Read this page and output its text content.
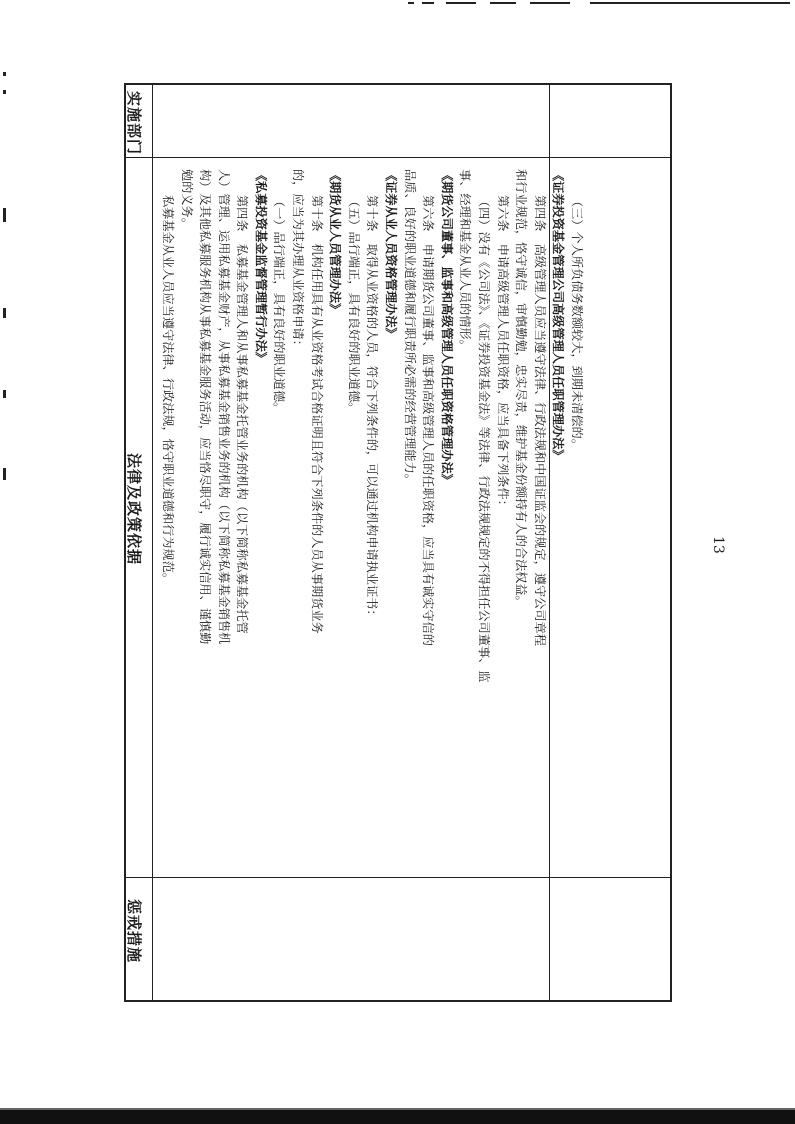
惩戒措施
法律及政策依据
实施部门

（三）个人所负债务数额较大，到期未清偿的。

《证券投资基金管理公司高级管理人员任职管理办法》

第四条　高级管理人员应当遵守法律、行政法规和中国证监会的规定，遵守公司章程

和行业规范，恪守诚信，审慎勤勉，忠实尽责，维护基金份额持有人的合法权益。

第六条　申请高级管理人员任职资格，应当具备下列条件：

（四）没有《公司法》、《证券投资基金法》等法律、行政法规规定的不得担任公司董事、监

事、经理和基金从业人员的情形。

《期货公司董事、监事和高级管理人员任职资格管理办法》

第六条　申请期货公司董事、监事和高级管理人员的任职资格，应当具有诚实守信的

品质、良好的职业道德和履行职责所必需的经营管理能力。

《证券从业人员资格管理办法》

第十条　取得从业资格的人员，符合下列条件的，可以通过机构申请执业证书：

（五）品行端正，具有良好的职业道德。

《期货从业人员管理办法》

第十条　机构任用具有从业资格考试合格证明且符合下列条件的人员从事期货业务

的，应当为其办理从业资格申请：

（一）品行端正，具有良好的职业道德。

《私募投资基金监督管理暂行办法》

第四条　私募基金管理人和从事私募基金托管业务的机构（以下简称私募基金托管

人）管理、运用私募基金财产，从事私募基金销售业务的机构（以下简称私募基金销售机

构）及其他私募服务机构从事私募基金服务活动，应当恪尽职守，履行诚实信用、谨慎勤

勉的义务。

私募基金从业人员应当遵守法律、行政法规，恪守职业道德和行为规范。	13
